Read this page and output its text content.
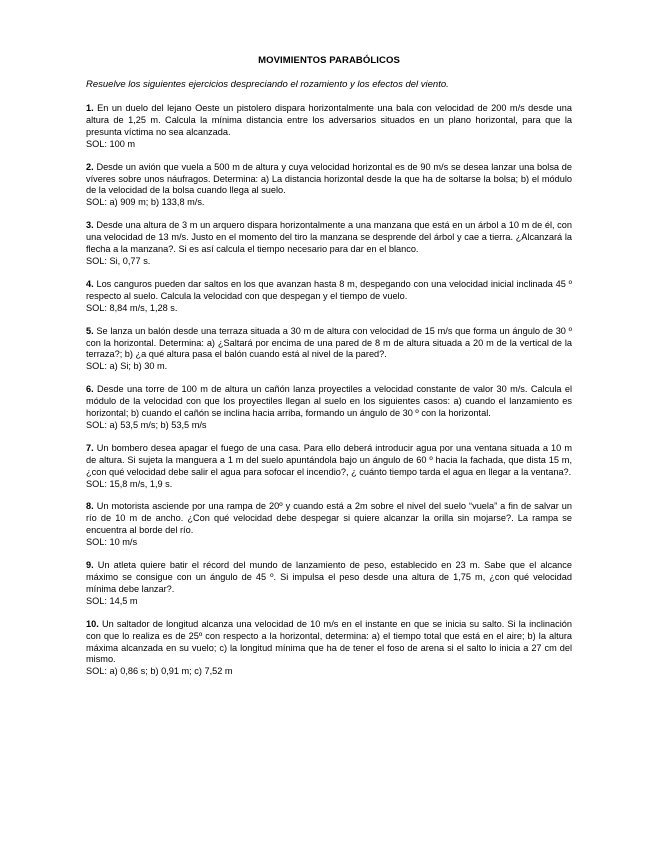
MOVIMIENTOS PARABÓLICOS
Resuelve los siguientes ejercicios despreciando el rozamiento y los efectos del viento.

1. En un duelo del lejano Oeste un pistolero dispara horizontalmente una bala con velocidad de 200 m/s desde una altura de 1,25 m. Calcula la mínima distancia entre los adversarios situados en un plano horizontal, para que la presunta víctima no sea alcanzada.

SOL: 100 m

2. Desde un avión que vuela a 500 m de altura y cuya velocidad horizontal es de 90 m/s se desea lanzar una bolsa de víveres sobre unos náufragos. Determina: a) La distancia horizontal desde la que ha de soltarse la bolsa; b) el módulo de la velocidad de la bolsa cuando llega al suelo.

SOL: a) 909 m; b) 133,8 m/s.

3. Desde una altura de 3 m un arquero dispara horizontalmente a una manzana que está en un árbol a 10 m de él, con una velocidad de 13 m/s. Justo en el momento del tiro la manzana se desprende del árbol y cae a tierra. ¿Alcanzará la flecha a la manzana?. Si es así calcula el tiempo necesario para dar en el blanco.

SOL: Si, 0,77 s.

4. Los canguros pueden dar saltos en los que avanzan hasta 8 m, despegando con una velocidad inicial inclinada 45 º respecto al suelo. Calcula la velocidad con que despegan y el tiempo de vuelo.

SOL: 8,84 m/s, 1,28 s.

5. Se lanza un balón desde una terraza situada a 30 m de altura con velocidad de 15 m/s que forma un ángulo de 30 º con la horizontal. Determina: a) ¿Saltará por encima de una pared de 8 m de altura situada a 20 m de la vertical de la terraza?; b) ¿a qué altura pasa el balón cuando está al nivel de la pared?.

SOL: a) Si; b) 30 m.

6. Desde una torre de 100 m de altura un cañón lanza proyectiles a velocidad constante de valor 30 m/s. Calcula el módulo de la velocidad con que los proyectiles llegan al suelo en los siguientes casos: a) cuando el lanzamiento es horizontal; b) cuando el cañón se inclina hacia arriba, formando un ángulo de 30 º con la horizontal.

SOL: a) 53,5 m/s; b) 53,5 m/s

7. Un bombero desea apagar el fuego de una casa. Para ello deberá introducir agua por una ventana situada a 10 m de altura. Si sujeta la manguera a 1 m del suelo apuntándola bajo un ángulo de 60 º hacia la fachada, que dista 15 m, ¿con qué velocidad debe salir el agua para sofocar el incendio?, ¿ cuánto tiempo tarda el agua en llegar a la ventana?.

SOL: 15,8 m/s, 1,9 s.

8. Un motorista asciende por una rampa de 20º y cuando está a 2m sobre el nivel del suelo “vuela” a fin de salvar un río de 10 m de ancho. ¿Con qué velocidad debe despegar si quiere alcanzar la orilla sin mojarse?. La rampa se encuentra al borde del río.

SOL: 10 m/s

9. Un atleta quiere batir el récord del mundo de lanzamiento de peso, establecido en 23 m. Sabe que el alcance máximo se consigue con un ángulo de 45 º. Si impulsa el peso desde una altura de 1,75 m, ¿con qué velocidad mínima debe lanzar?.

SOL: 14,5 m

10. Un saltador de longitud alcanza una velocidad de 10 m/s en el instante en que se inicia su salto. Si la inclinación con que lo realiza es de 25º con respecto a la horizontal, determina: a) el tiempo total que está en el aire; b) la altura máxima alcanzada en su vuelo; c) la longitud mínima que ha de tener el foso de arena si el salto lo inicia a 27 cm del mismo.

SOL: a) 0,86 s; b) 0,91 m; c) 7,52 m
